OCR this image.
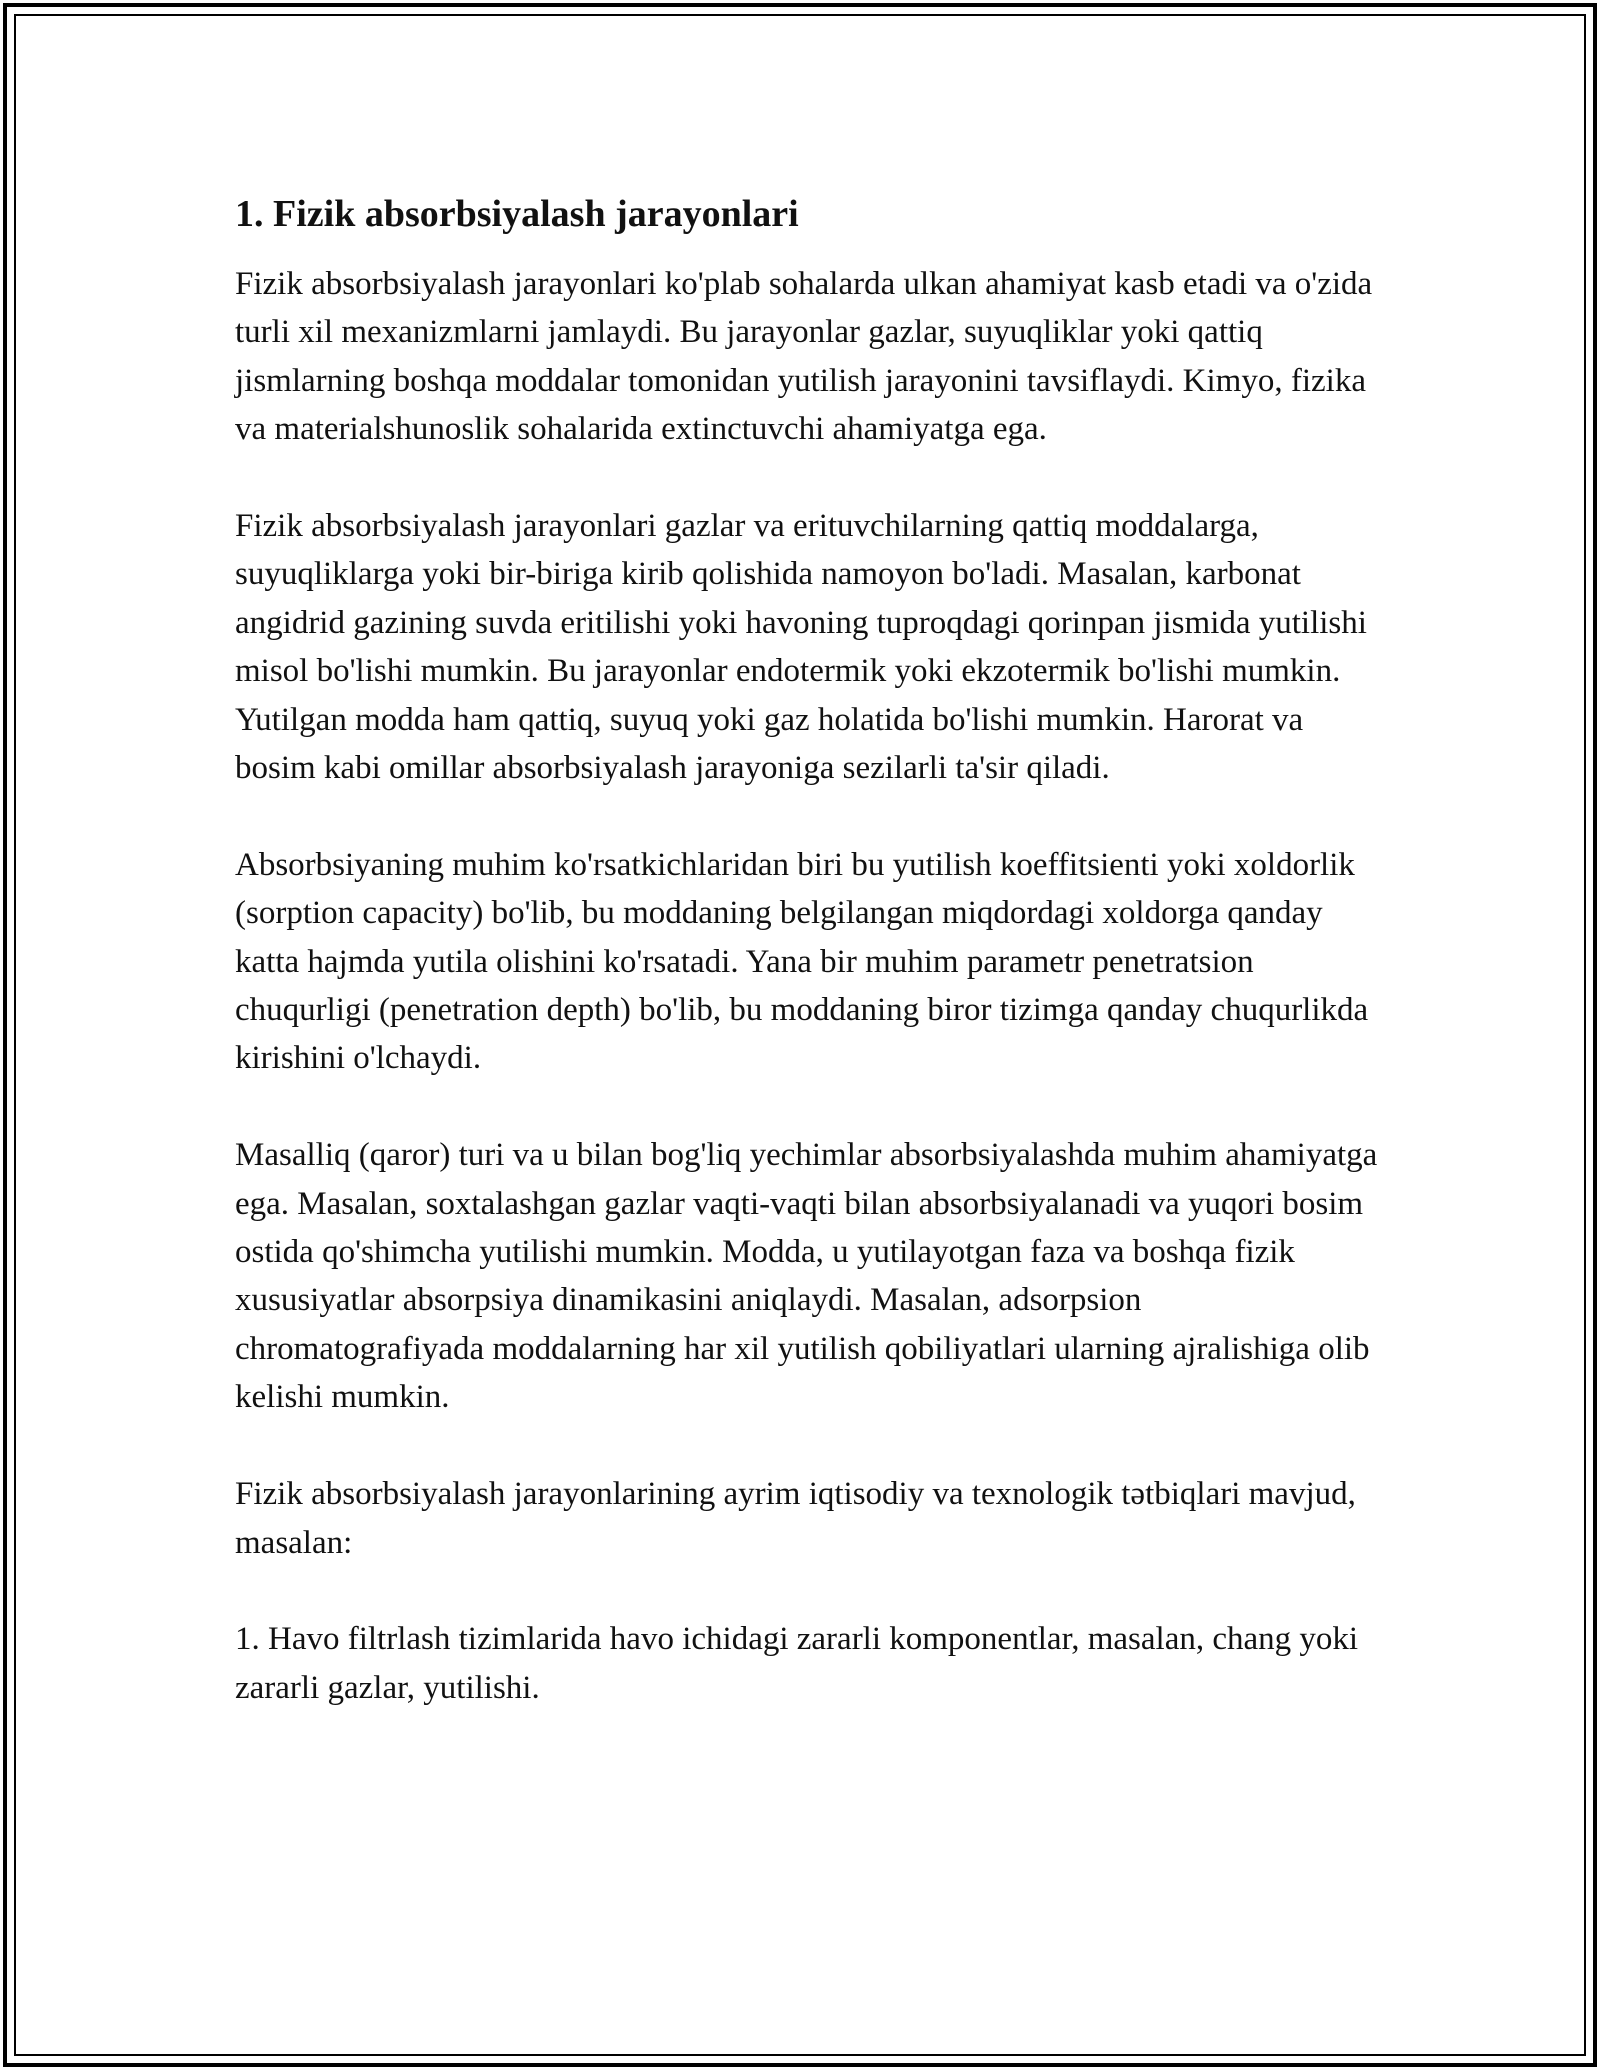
1. Fizik absorbsiyalash jarayonlari

Fizik absorbsiyalash jarayonlari ko'plab sohalarda ulkan ahamiyat kasb etadi va o'zida turli xil mexanizmlarni jamlaydi. Bu jarayonlar gazlar, suyuqliklar yoki qattiq jismlarning boshqa moddalar tomonidan yutilish jarayonini tavsiflaydi. Kimyo, fizika va materialshunoslik sohalarida extinctuvchi ahamiyatga ega.

Fizik absorbsiyalash jarayonlari gazlar va erituvchilarning qattiq moddalarga, suyuqliklarga yoki bir-biriga kirib qolishida namoyon bo'ladi. Masalan, karbonat angidrid gazining suvda eritilishi yoki havoning tuproqdagi qorinpan jismida yutilishi misol bo'lishi mumkin. Bu jarayonlar endotermik yoki ekzotermik bo'lishi mumkin. Yutilgan modda ham qattiq, suyuq yoki gaz holatida bo'lishi mumkin. Harorat va bosim kabi omillar absorbsiyalash jarayoniga sezilarli ta'sir qiladi.

Absorbsiyaning muhim ko'rsatkichlaridan biri bu yutilish koeffitsienti yoki xoldorlik (sorption capacity) bo'lib, bu moddaning belgilangan miqdordagi xoldorga qanday katta hajmda yutila olishini ko'rsatadi. Yana bir muhim parametr penetratsion chuqurligi (penetration depth) bo'lib, bu moddaning biror tizimga qanday chuqurlikda kirishini o'lchaydi.

Masalliq (qaror) turi va u bilan bog'liq yechimlar absorbsiyalashda muhim ahamiyatga ega. Masalan, soxtalashgan gazlar vaqti-vaqti bilan absorbsiyalanadi va yuqori bosim ostida qo'shimcha yutilishi mumkin. Modda, u yutilayotgan faza va boshqa fizik xususiyatlar absorpsiya dinamikasini aniqlaydi. Masalan, adsorpsion chromatografiyada moddalarning har xil yutilish qobiliyatlari ularning ajralishiga olib kelishi mumkin.

Fizik absorbsiyalash jarayonlarining ayrim iqtisodiy va texnologik tətbiqlari mavjud, masalan:

1. Havo filtrlash tizimlarida havo ichidagi zararli komponentlar, masalan, chang yoki zararli gazlar, yutilishi.
